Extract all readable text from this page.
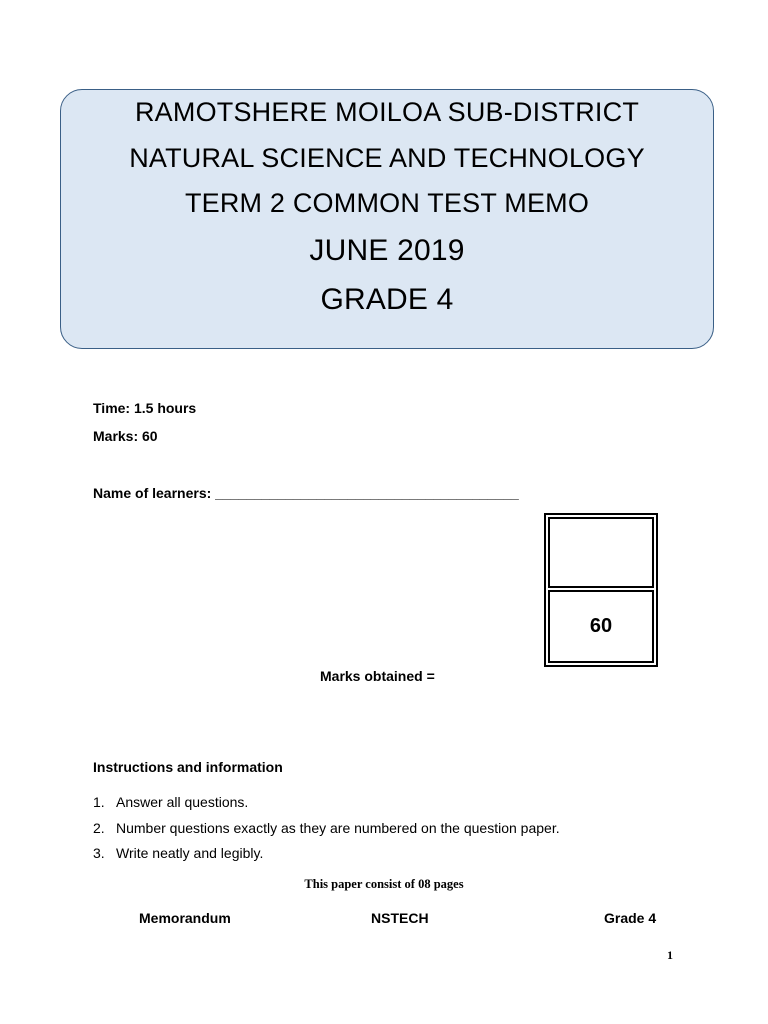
RAMOTSHERE MOILOA SUB-DISTRICT
NATURAL SCIENCE AND TECHNOLOGY
TERM 2 COMMON TEST MEMO
JUNE 2019
GRADE 4
Time: 1.5 hours
Marks: 60
Name of learners: _______________________________________
60
Marks obtained =
Instructions and information
1. Answer all questions.
2. Number questions exactly as they are numbered on the question paper.
3. Write neatly and legibly.
This paper consist of 08 pages
Memorandum	NSTECH	Grade 4
1
